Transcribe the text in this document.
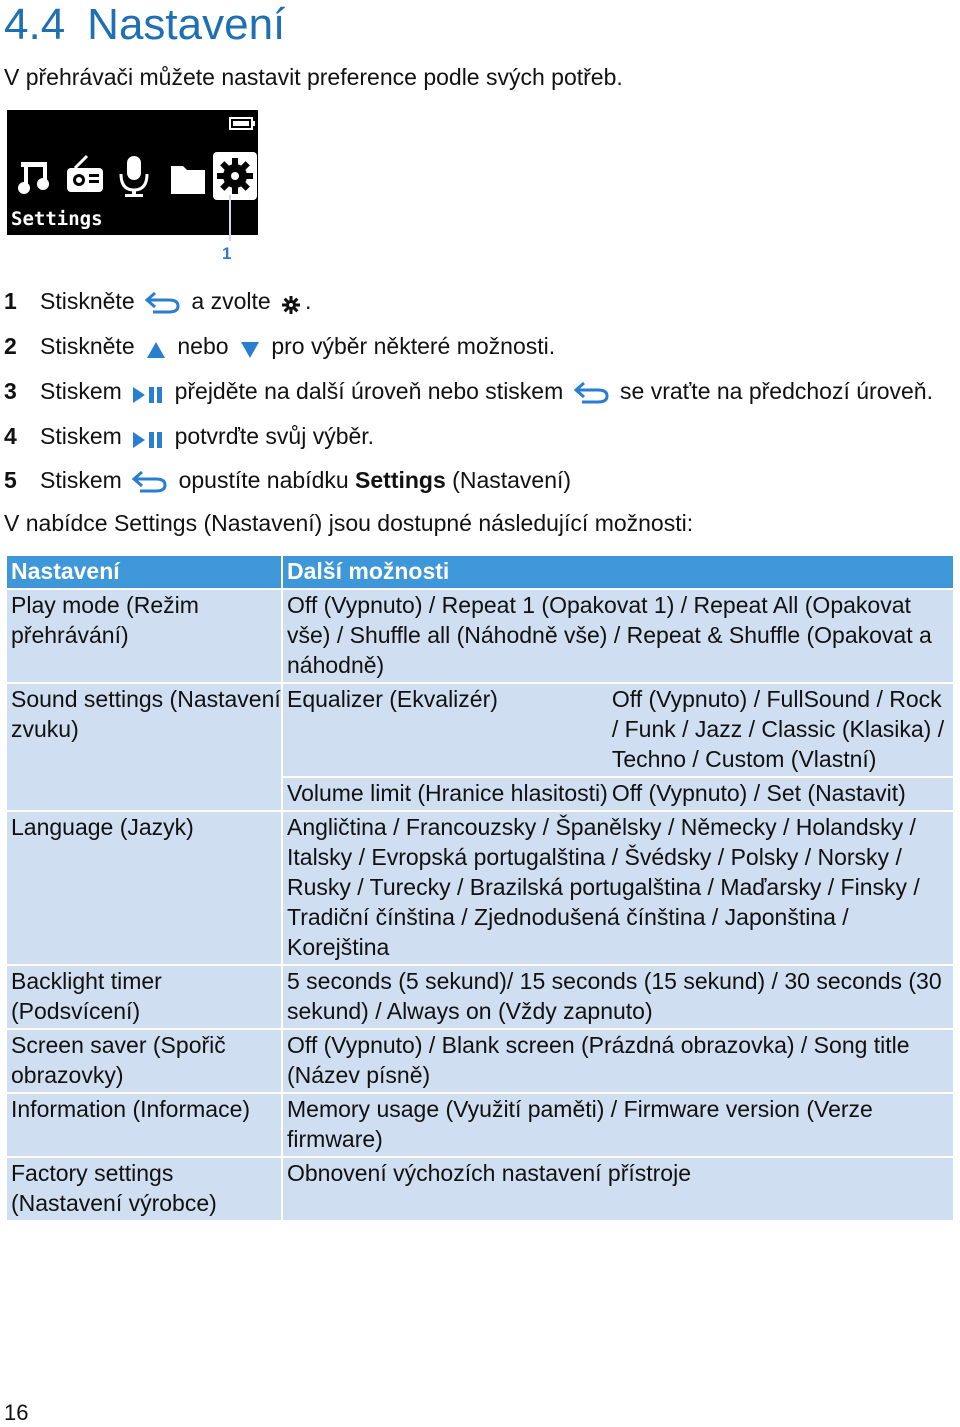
4.4 Nastavení
V přehrávači můžete nastavit preference podle svých potřeb.
Settings
1
1 Stiskněte a zvolte .
2 Stiskněte nebo pro výběr některé možnosti.
3 Stiskem přejděte na další úroveň nebo stiskem se vraťte na předchozí úroveň.
4 Stiskem potvrďte svůj výběr.
5 Stiskem opustíte nabídku Settings (Nastavení)
V nabídce Settings (Nastavení) jsou dostupné následující možnosti:
Nastavení	Další možnosti	
Play mode (Režim přehrávání)	Off (Vypnuto) / Repeat 1 (Opakovat 1) / Repeat All (Opakovat vše) / Shuffle all (Náhodně vše) / Repeat & Shuffle (Opakovat a náhodně)	
Sound settings (Nastavení zvuku)	Equalizer (Ekvalizér)	Off (Vypnuto) / FullSound / Rock / Funk / Jazz / Classic (Klasika) / Techno / Custom (Vlastní)
	Volume limit (Hranice hlasitosti)	Off (Vypnuto) / Set (Nastavit)
Language (Jazyk)	Angličtina / Francouzsky / Španělsky / Německy / Holandsky / Italsky / Evropská portugalština / Švédsky / Polsky / Norsky / Rusky / Turecky / Brazilská portugalština / Maďarsky / Finsky / Tradiční čínština / Zjednodušená čínština / Japonština / Korejština	
Backlight timer (Podsvícení)	5 seconds (5 sekund)/ 15 seconds (15 sekund) / 30 seconds (30 sekund) / Always on (Vždy zapnuto)	
Screen saver (Spořič obrazovky)	Off (Vypnuto) / Blank screen (Prázdná obrazovka) / Song title (Název písně)	
Information (Informace)	Memory usage (Využití paměti) / Firmware version (Verze firmware)	
Factory settings (Nastavení výrobce)	Obnovení výchozích nastavení přístroje	
16
